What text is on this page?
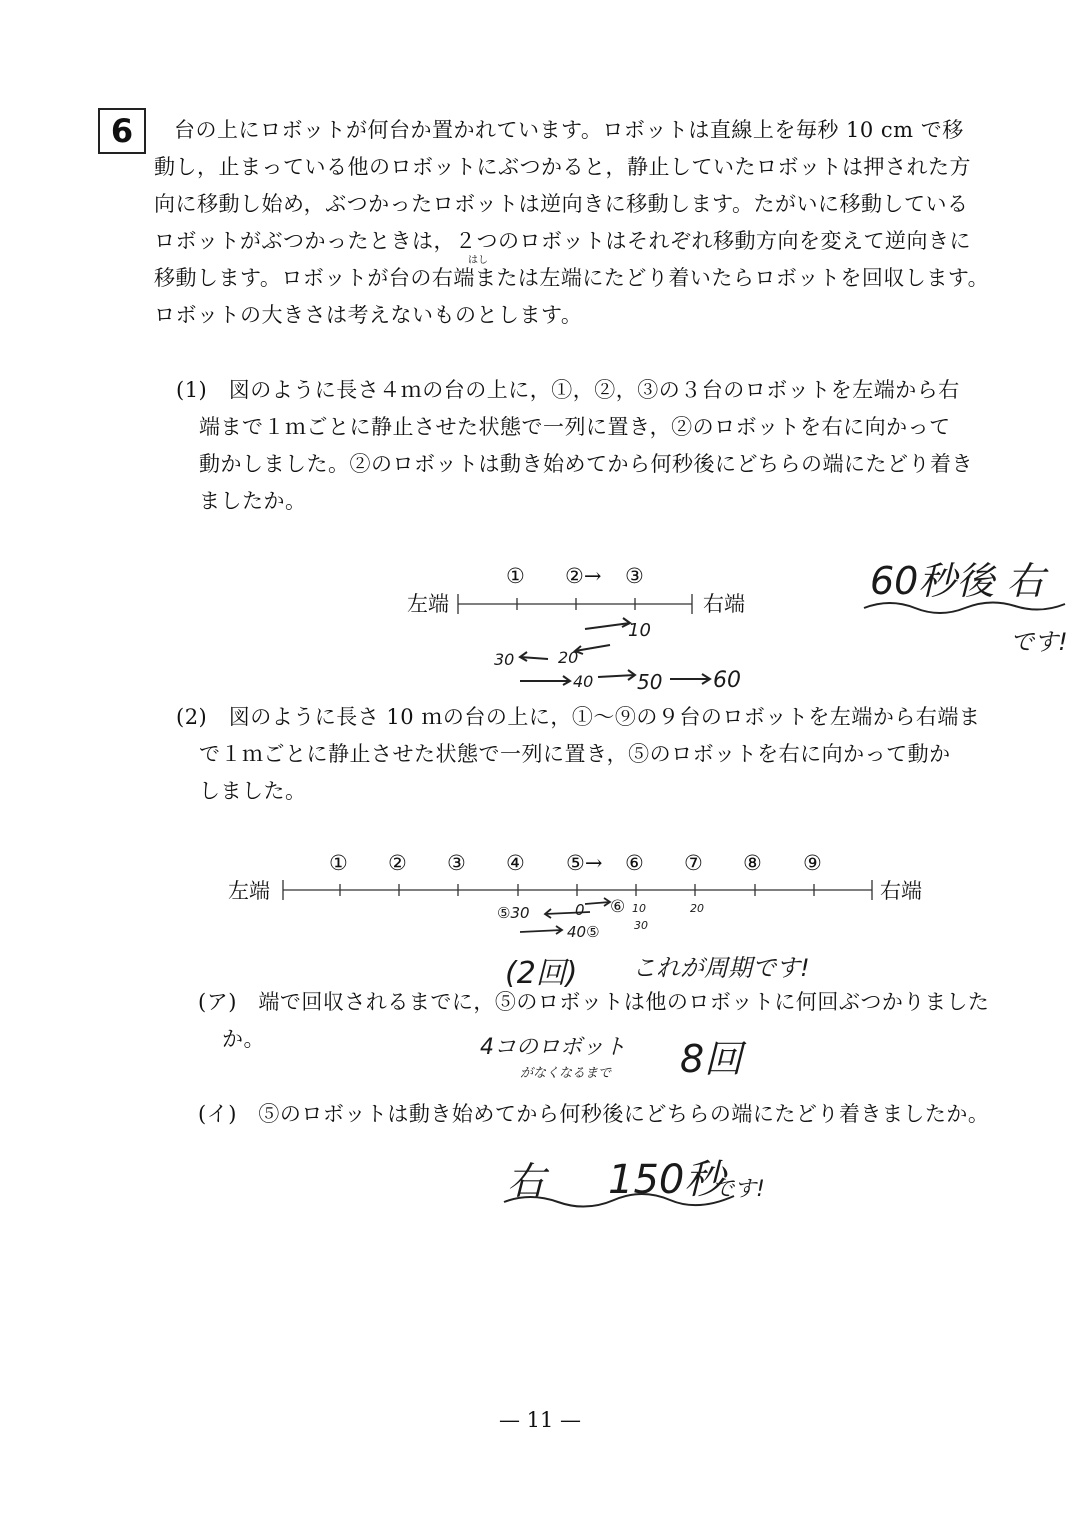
6 台の上にロボットが何台か置かれています。ロボットは直線上を毎秒 10 cm で移
動し，止まっている他のロボットにぶつかると，静止していたロボットは押された方
向に移動し始め，ぶつかったロボットは逆向きに移動します。たがいに移動している
ロボットがぶつかったときは，２つのロボットはそれぞれ移動方向を変えて逆向きに
はし
移動します。ロボットが台の右端または左端にたどり着いたらロボットを回収します。
ロボットの大きさは考えないものとします。
(1)　図のように長さ４ｍの台の上に，①，②，③の３台のロボットを左端から右
端まで１ｍごとに静止させた状態で一列に置き，②のロボットを右に向かって
動かしました。②のロボットは動き始めてから何秒後にどちらの端にたどり着き
ましたか。
左端	右端
① ②→ ③	60秒後 右
です!
10
20
30
40 50 60
(2)　図のように長さ 10 ｍの台の上に，①〜⑨の９台のロボットを左端から右端ま
で１ｍごとに静止させた状態で一列に置き，⑤のロボットを右に向かって動か
しました。
左端	右端
① ② ③ ④ ⑤→ ⑥ ⑦ ⑧ ⑨
⑤30	0 ⑥ 10
30
20
40⑤
(2回) これが周期です!
(ア)　端で回収されるまでに，⑤のロボットは他のロボットに何回ぶつかりました
か。	4コのロボット
がなくなるまで 8回
(イ)　⑤のロボットは動き始めてから何秒後にどちらの端にたどり着きましたか。
右 150秒
です!
— 11 —
